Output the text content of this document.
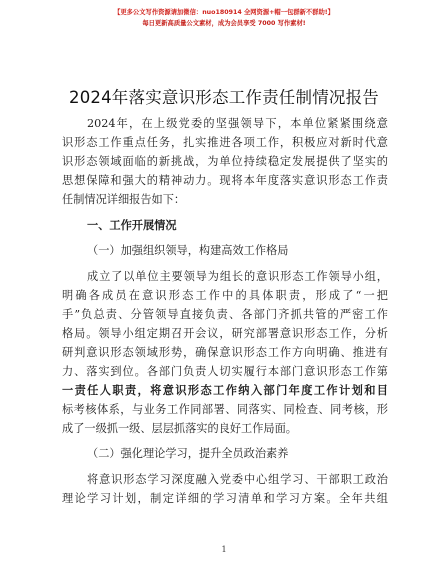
【更多公文写作资源请加微信：nuo180914 全网资源+帽一包群新不群助!】
每日更新高质量公文素材，成为会员享受 7000 写作素材!
2024年落实意识形态工作责任制情况报告
2024年，在上级党委的坚强领导下，本单位紧紧围绕意
识形态工作重点任务，扎实推进各项工作，积极应对新时代意
识形态领域面临的新挑战，为单位持续稳定发展提供了坚实的
思想保障和强大的精神动力。现将本年度落实意识形态工作责
任制情况详细报告如下：
一、工作开展情况
（一）加强组织领导，构建高效工作格局
成立了以单位主要领导为组长的意识形态工作领导小组，
明确各成员在意识形态工作中的具体职责，形成了“一把
手”负总责、分管领导直接负责、各部门齐抓共管的严密工作
格局。领导小组定期召开会议，研究部署意识形态工作，分析
研判意识形态领域形势，确保意识形态工作方向明确、推进有
力、落实到位。各部门负责人切实履行本部门意识形态工作第
一责任人职责，将意识形态工作纳入部门年度工作计划和目
标考核体系，与业务工作同部署、同落实、同检查、同考核，形
成了一级抓一级、层层抓落实的良好工作局面。
（二）强化理论学习，提升全员政治素养
将意识形态学习深度融入党委中心组学习、干部职工政治
理论学习计划，制定详细的学习清单和学习方案。全年共组
1
